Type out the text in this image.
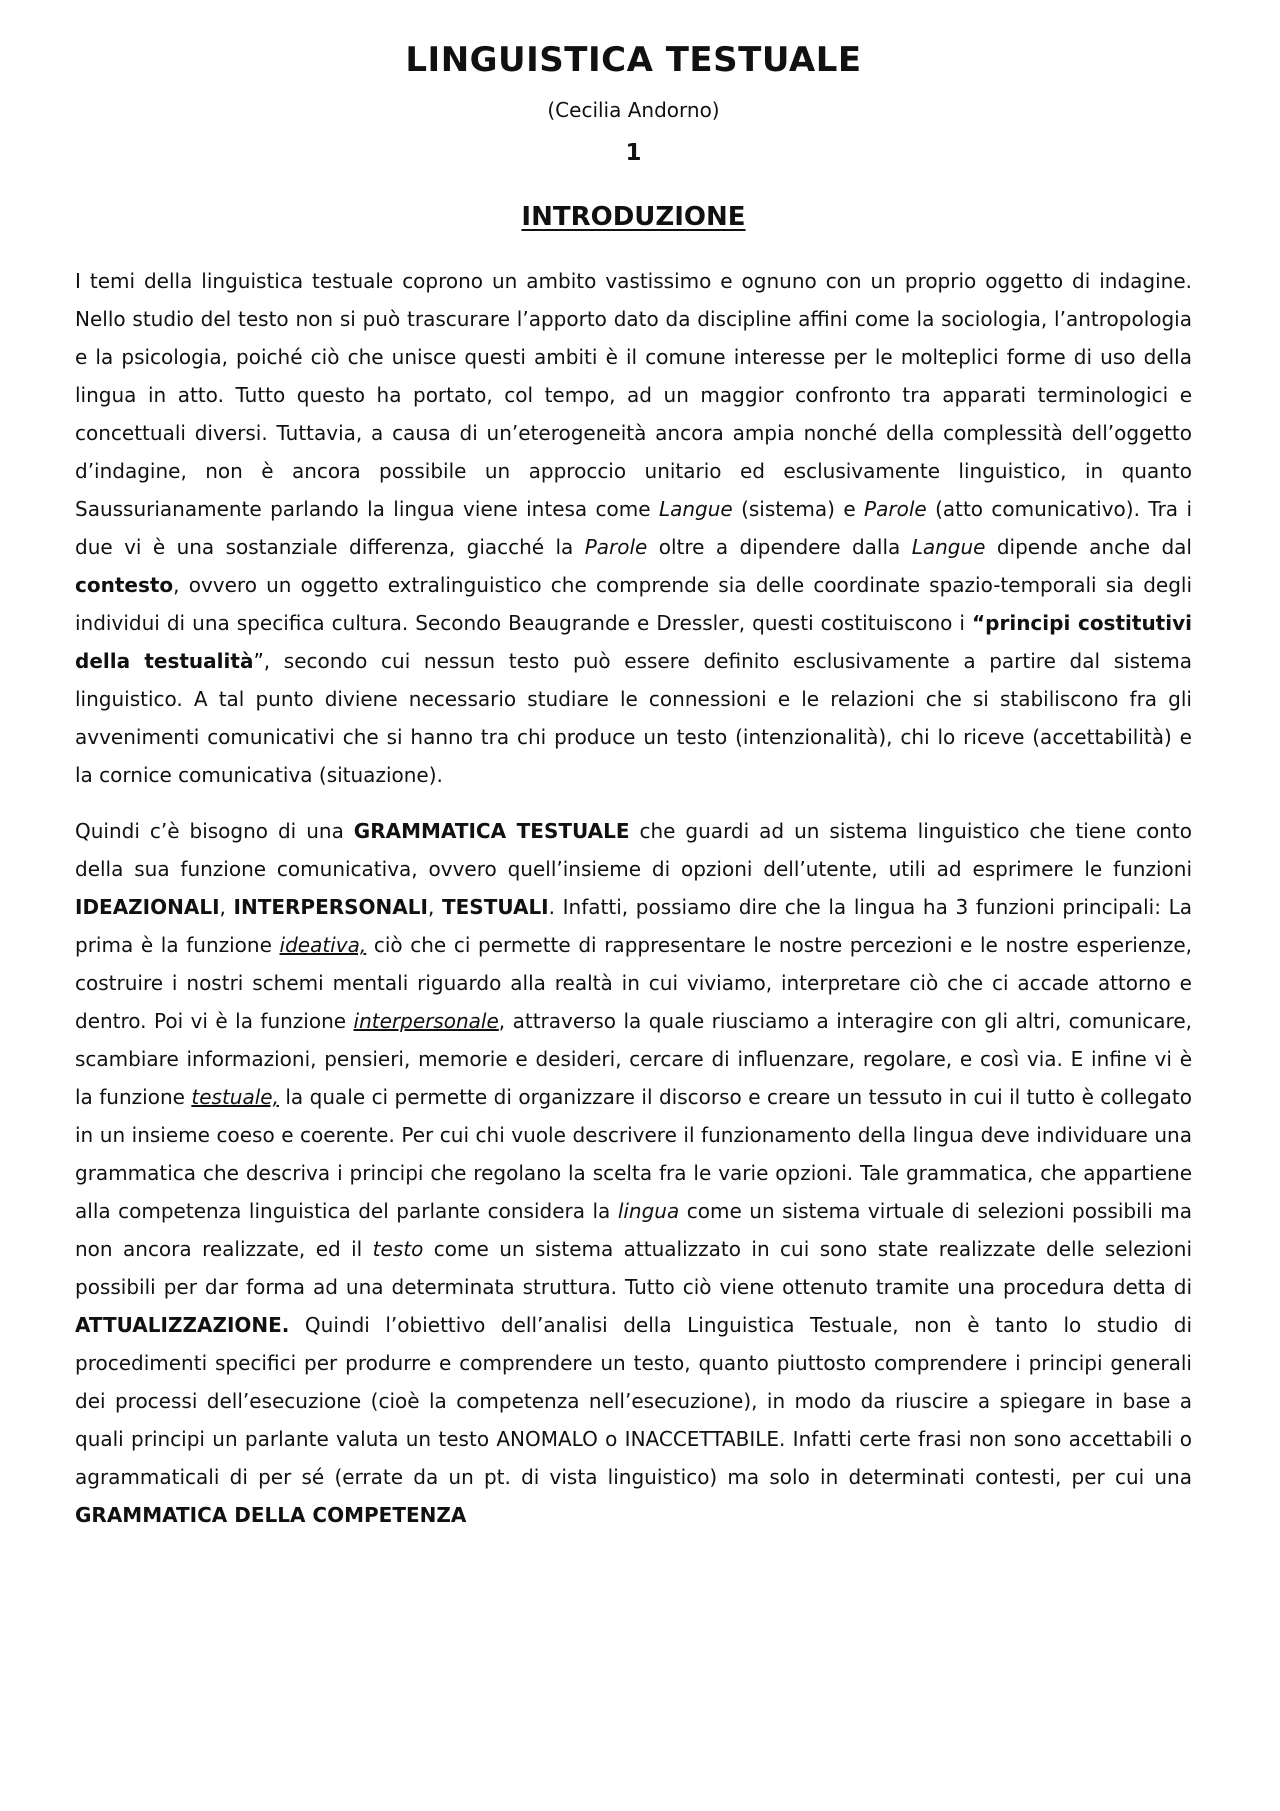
LINGUISTICA TESTUALE
(Cecilia Andorno)
1
INTRODUZIONE

I temi della linguistica testuale coprono un ambito vastissimo e ognuno con un proprio oggetto di indagine. Nello studio del testo non si può trascurare l’apporto dato da discipline affini come la sociologia, l’antropologia e la psicologia, poiché ciò che unisce questi ambiti è il comune interesse per le molteplici forme di uso della lingua in atto. Tutto questo ha portato, col tempo, ad un maggior confronto tra apparati terminologici e concettuali diversi. Tuttavia, a causa di un’eterogeneità ancora ampia nonché della complessità dell’oggetto d’indagine, non è ancora possibile un approccio unitario ed esclusivamente linguistico, in quanto Saussurianamente parlando la lingua viene intesa come Langue (sistema) e Parole (atto comunicativo). Tra i due vi è una sostanziale differenza, giacché la Parole oltre a dipendere dalla Langue dipende anche dal contesto, ovvero un oggetto extralinguistico che comprende sia delle coordinate spazio-temporali sia degli individui di una specifica cultura. Secondo Beaugrande e Dressler, questi costituiscono i “principi costitutivi della testualità”, secondo cui nessun testo può essere definito esclusivamente a partire dal sistema linguistico. A tal punto diviene necessario studiare le connessioni e le relazioni che si stabiliscono fra gli avvenimenti comunicativi che si hanno tra chi produce un testo (intenzionalità), chi lo riceve (accettabilità) e la cornice comunicativa (situazione).

Quindi c’è bisogno di una GRAMMATICA TESTUALE che guardi ad un sistema linguistico che tiene conto della sua funzione comunicativa, ovvero quell’insieme di opzioni dell’utente, utili ad esprimere le funzioni IDEAZIONALI, INTERPERSONALI, TESTUALI. Infatti, possiamo dire che la lingua ha 3 funzioni principali: La prima è la funzione ideativa, ciò che ci permette di rappresentare le nostre percezioni e le nostre esperienze, costruire i nostri schemi mentali riguardo alla realtà in cui viviamo, interpretare ciò che ci accade attorno e dentro. Poi vi è la funzione interpersonale, attraverso la quale riusciamo a interagire con gli altri, comunicare, scambiare informazioni, pensieri, memorie e desideri, cercare di influenzare, regolare, e così via. E infine vi è la funzione testuale, la quale ci permette di organizzare il discorso e creare un tessuto in cui il tutto è collegato in un insieme coeso e coerente. Per cui chi vuole descrivere il funzionamento della lingua deve individuare una grammatica che descriva i principi che regolano la scelta fra le varie opzioni. Tale grammatica, che appartiene alla competenza linguistica del parlante considera la lingua come un sistema virtuale di selezioni possibili ma non ancora realizzate, ed il testo come un sistema attualizzato in cui sono state realizzate delle selezioni possibili per dar forma ad una determinata struttura. Tutto ciò viene ottenuto tramite una procedura detta di ATTUALIZZAZIONE. Quindi l’obiettivo dell’analisi della Linguistica Testuale, non è tanto lo studio di procedimenti specifici per produrre e comprendere un testo, quanto piuttosto comprendere i principi generali dei processi dell’esecuzione (cioè la competenza nell’esecuzione), in modo da riuscire a spiegare in base a quali principi un parlante valuta un testo ANOMALO o INACCETTABILE. Infatti certe frasi non sono accettabili o agrammaticali di per sé (errate da un pt. di vista linguistico) ma solo in determinati contesti, per cui una GRAMMATICA DELLA COMPETENZA
